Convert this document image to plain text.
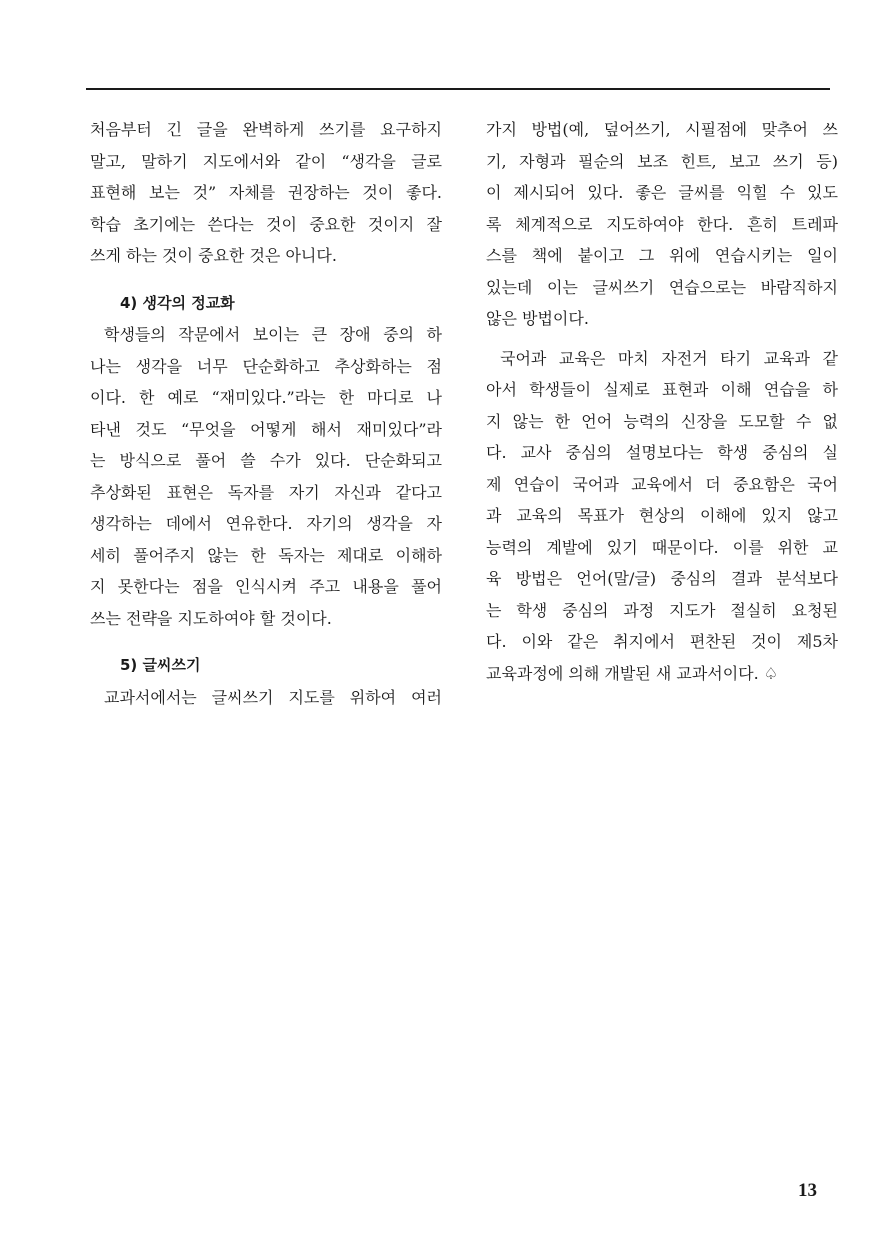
처음부터 긴 글을 완벽하게 쓰기를 요구하지
말고, 말하기 지도에서와 같이 “생각을 글로
표현해 보는 것” 자체를 권장하는 것이 좋다.
학습 초기에는 쓴다는 것이 중요한 것이지 잘
쓰게 하는 것이 중요한 것은 아니다.
4) 생각의 정교화
학생들의 작문에서 보이는 큰 장애 중의 하
나는 생각을 너무 단순화하고 추상화하는 점
이다. 한 예로 “재미있다.”라는 한 마디로 나
타낸 것도 “무엇을 어떻게 해서 재미있다”라
는 방식으로 풀어 쓸 수가 있다. 단순화되고
추상화된 표현은 독자를 자기 자신과 같다고
생각하는 데에서 연유한다. 자기의 생각을 자
세히 풀어주지 않는 한 독자는 제대로 이해하
지 못한다는 점을 인식시켜 주고 내용을 풀어
쓰는 전략을 지도하여야 할 것이다.
5) 글씨쓰기
교과서에서는 글씨쓰기 지도를 위하여 여러
가지 방법(예, 덮어쓰기, 시필점에 맞추어 쓰
기, 자형과 필순의 보조 힌트, 보고 쓰기 등)
이 제시되어 있다. 좋은 글씨를 익힐 수 있도
록 체계적으로 지도하여야 한다. 흔히 트레파
스를 책에 붙이고 그 위에 연습시키는 일이
있는데 이는 글씨쓰기 연습으로는 바람직하지
않은 방법이다.
국어과 교육은 마치 자전거 타기 교육과 같
아서 학생들이 실제로 표현과 이해 연습을 하
지 않는 한 언어 능력의 신장을 도모할 수 없
다. 교사 중심의 설명보다는 학생 중심의 실
제 연습이 국어과 교육에서 더 중요함은 국어
과 교육의 목표가 현상의 이해에 있지 않고
능력의 계발에 있기 때문이다. 이를 위한 교
육 방법은 언어(말/글) 중심의 결과 분석보다
는 학생 중심의 과정 지도가 절실히 요청된
다. 이와 같은 취지에서 편찬된 것이 제5차
교육과정에 의해 개발된 새 교과서이다. ♤
13
